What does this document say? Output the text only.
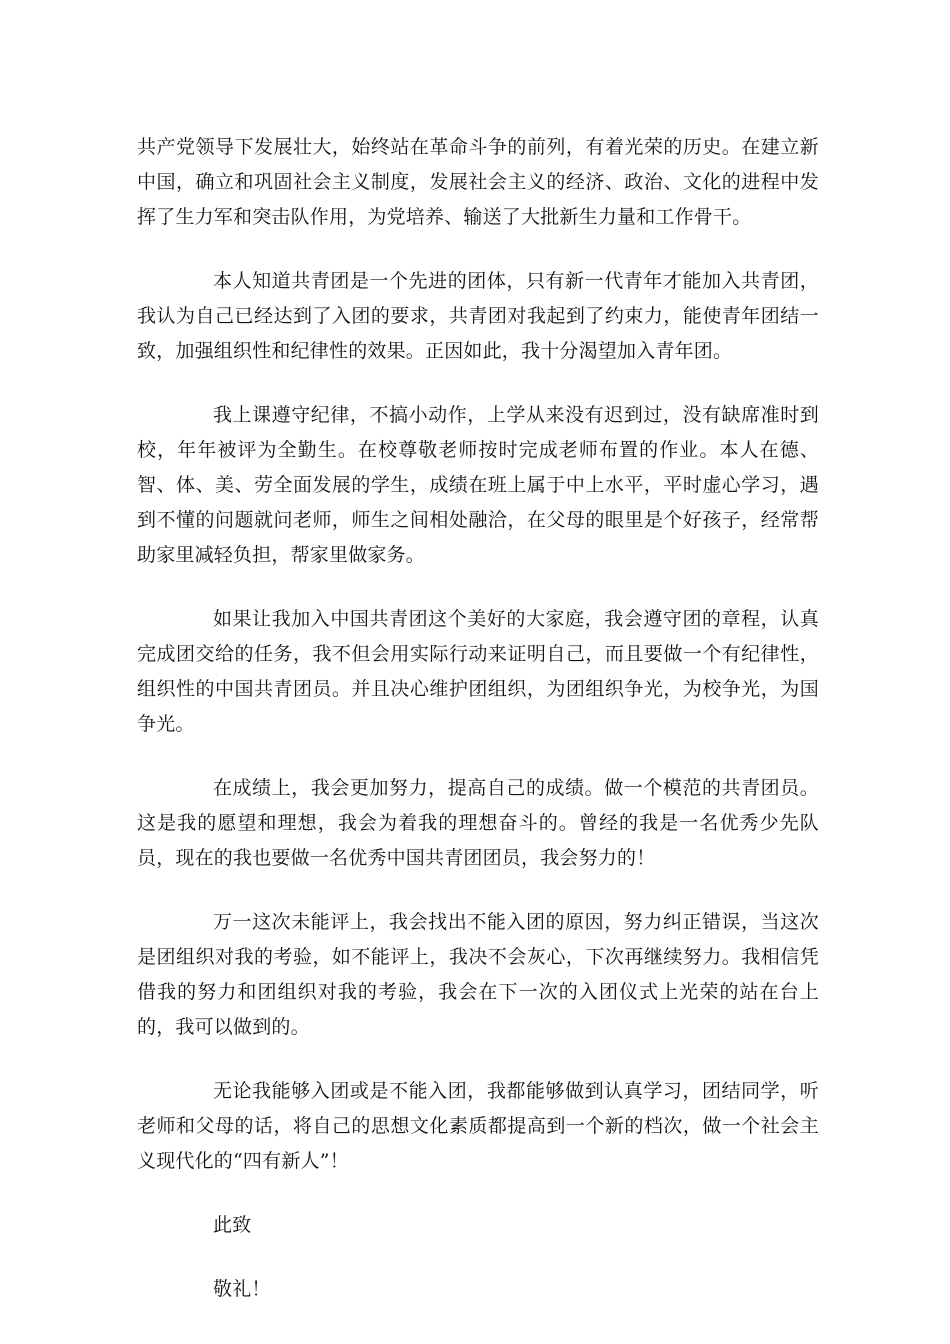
共产党领导下发展壮大，始终站在革命斗争的前列，有着光荣的历史。在建立新中国，确立和巩固社会主义制度，发展社会主义的经济、政治、文化的进程中发挥了生力军和突击队作用，为党培养、输送了大批新生力量和工作骨干。

本人知道共青团是一个先进的团体，只有新一代青年才能加入共青团，我认为自己已经达到了入团的要求，共青团对我起到了约束力，能使青年团结一致，加强组织性和纪律性的效果。正因如此，我十分渴望加入青年团。

我上课遵守纪律，不搞小动作，上学从来没有迟到过，没有缺席准时到校，年年被评为全勤生。在校尊敬老师按时完成老师布置的作业。本人在德、智、体、美、劳全面发展的学生，成绩在班上属于中上水平，平时虚心学习，遇到不懂的问题就问老师，师生之间相处融洽，在父母的眼里是个好孩子，经常帮助家里减轻负担，帮家里做家务。

如果让我加入中国共青团这个美好的大家庭，我会遵守团的章程，认真完成团交给的任务，我不但会用实际行动来证明自己，而且要做一个有纪律性，组织性的中国共青团员。并且决心维护团组织，为团组织争光，为校争光，为国争光。

在成绩上，我会更加努力，提高自己的成绩。做一个模范的共青团员。这是我的愿望和理想，我会为着我的理想奋斗的。曾经的我是一名优秀少先队员，现在的我也要做一名优秀中国共青团团员，我会努力的！

万一这次未能评上，我会找出不能入团的原因，努力纠正错误，当这次是团组织对我的考验，如不能评上，我决不会灰心，下次再继续努力。我相信凭借我的努力和团组织对我的考验，我会在下一次的入团仪式上光荣的站在台上的，我可以做到的。

无论我能够入团或是不能入团，我都能够做到认真学习，团结同学，听老师和父母的话，将自己的思想文化素质都提高到一个新的档次，做一个社会主义现代化的“四有新人”！

此致

敬礼！
